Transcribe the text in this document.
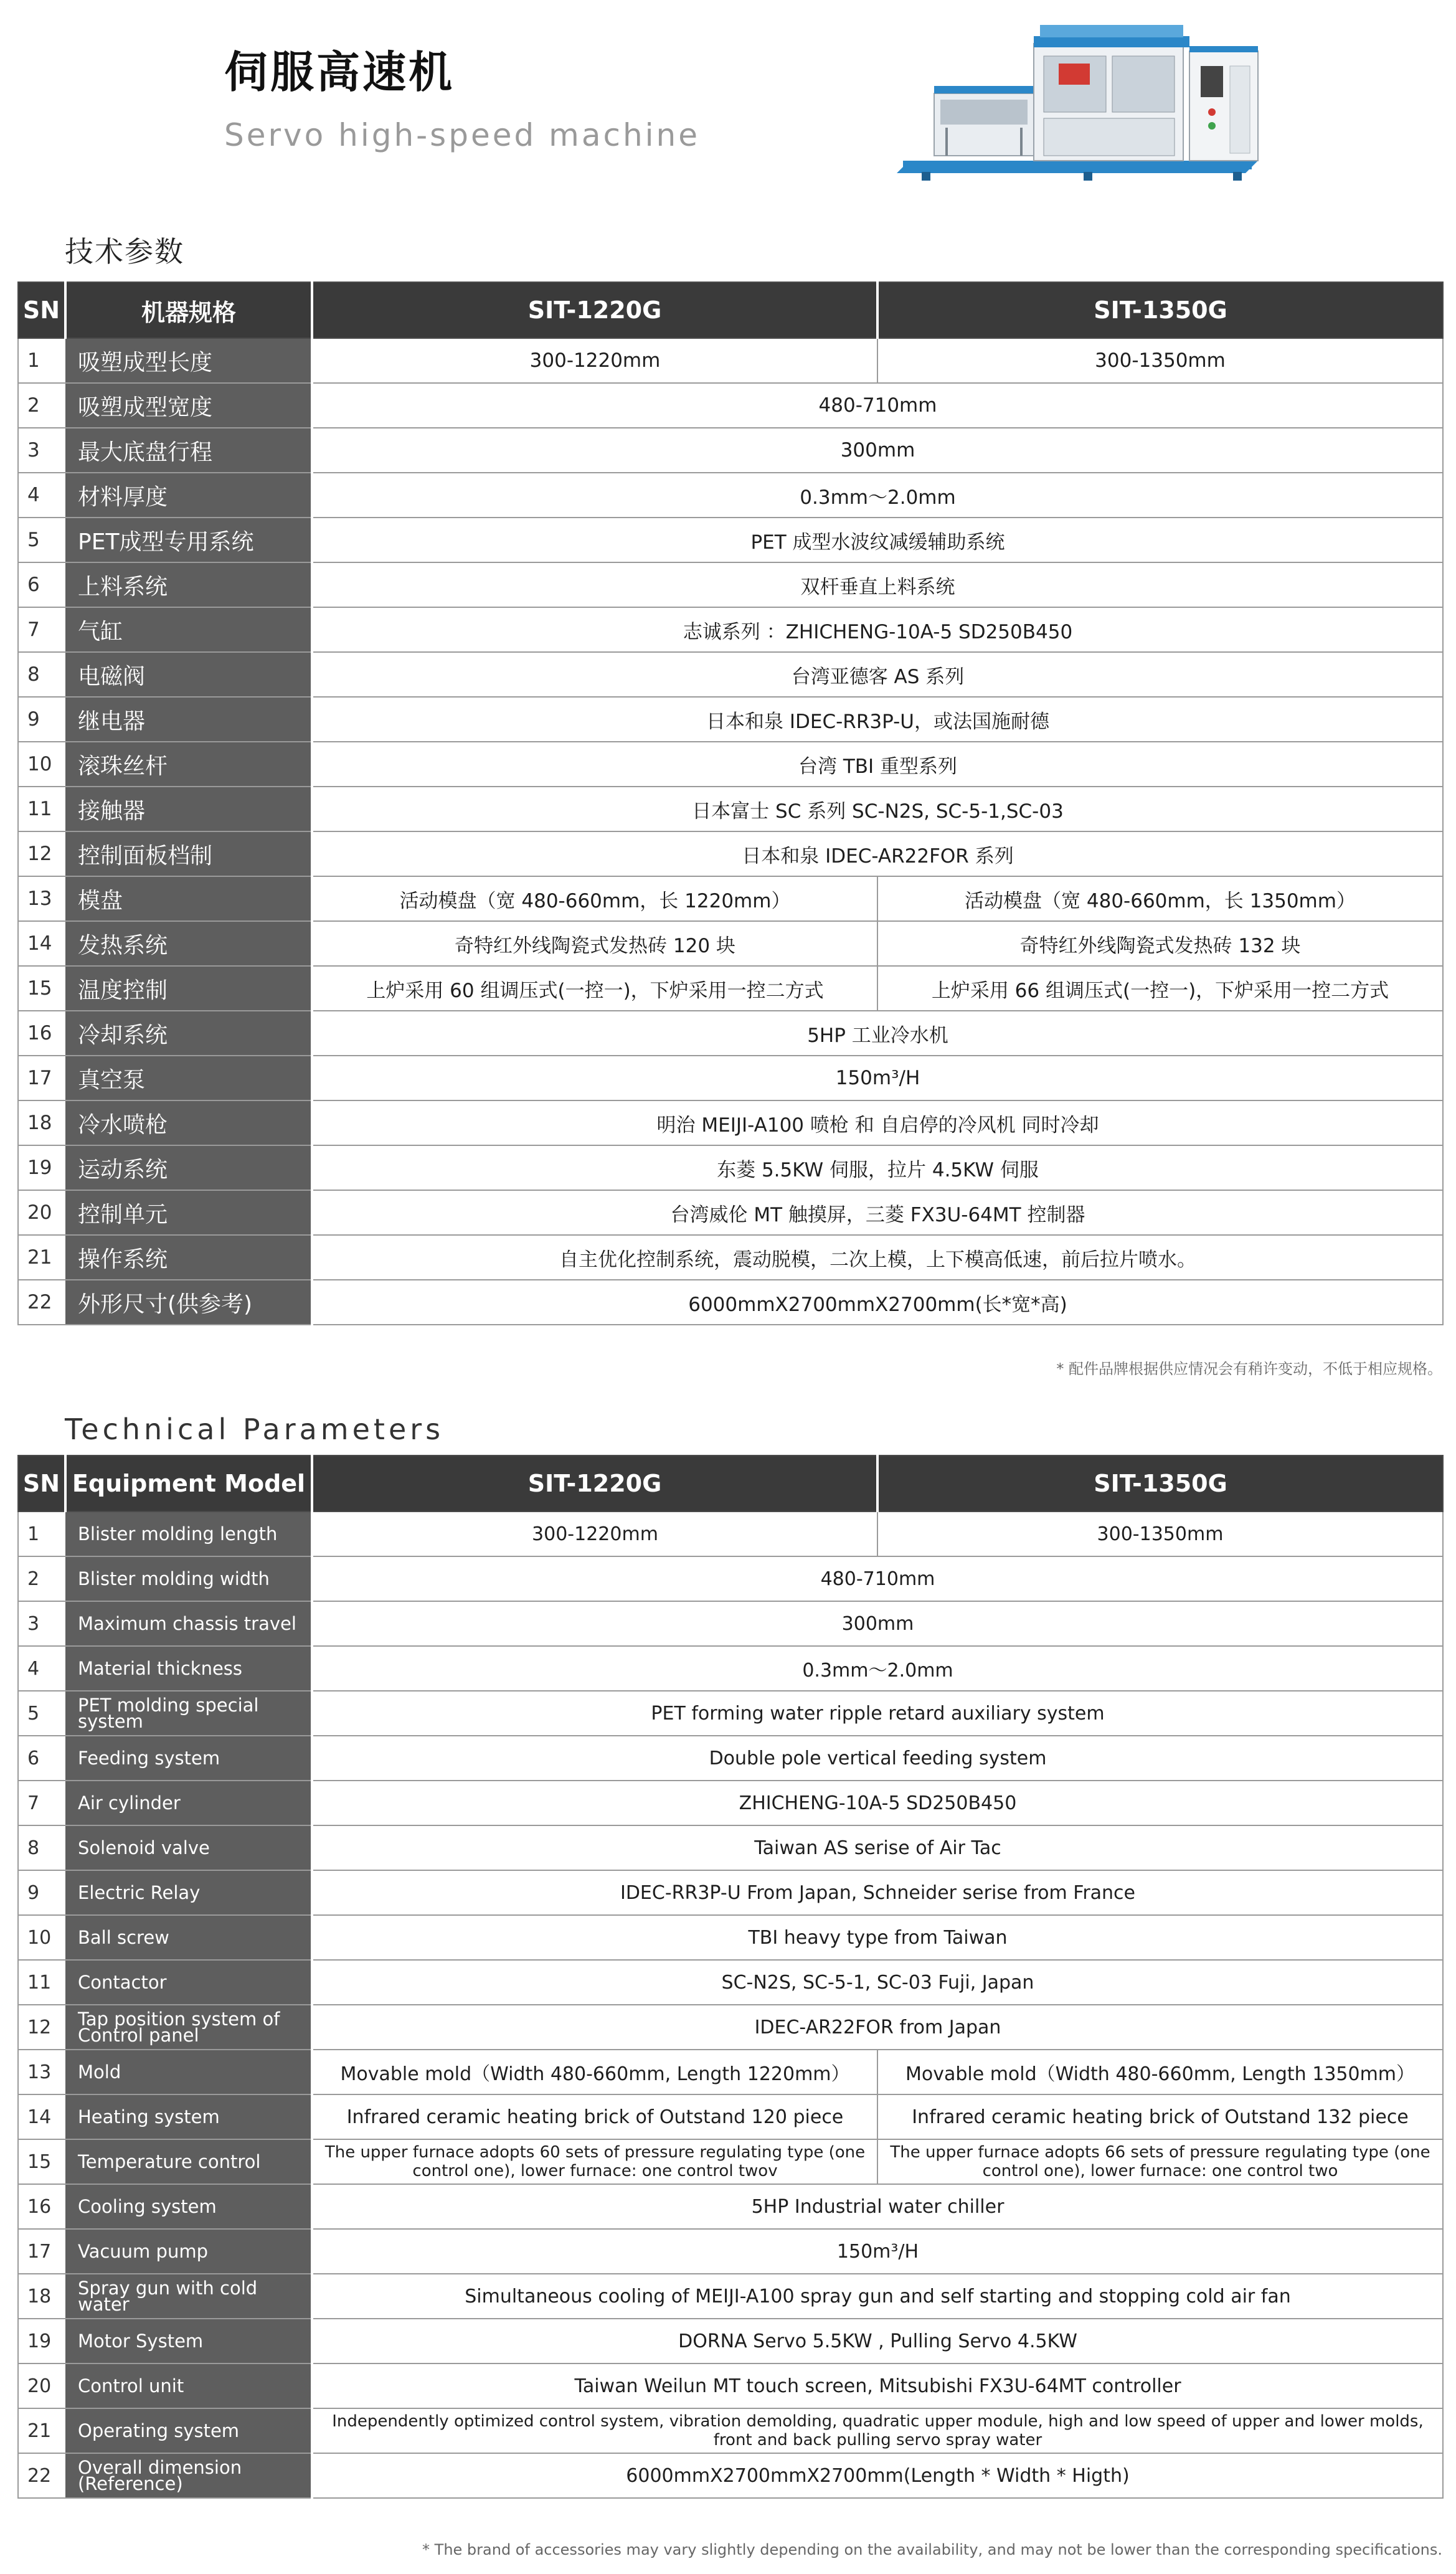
伺服高速机
Servo high-speed machine
技术参数
SN	机器规格	SIT-1220G	SIT-1350G
1	吸塑成型长度	300-1220mm	300-1350mm
2	吸塑成型宽度	480-710mm	
3	最大底盘行程	300mm	
4	材料厚度	0.3mm～2.0mm	
5	PET成型专用系统	PET 成型水波纹减缓辅助系统	
6	上料系统	双杆垂直上料系统	
7	气缸	志诚系列 ：ZHICHENG-10A-5 SD250B450	
8	电磁阀	台湾亚德客 AS 系列	
9	继电器	日本和泉 IDEC-RR3P-U，或法国施耐德	
10	滚珠丝杆	台湾 TBI 重型系列	
11	接触器	日本富士 SC 系列 SC-N2S, SC-5-1,SC-03	
12	控制面板档制	日本和泉 IDEC-AR22FOR 系列	
13	模盘	活动模盘（宽 480-660mm，长 1220mm）	活动模盘（宽 480-660mm，长 1350mm）
14	发热系统	奇特红外线陶瓷式发热砖 120 块	奇特红外线陶瓷式发热砖 132 块
15	温度控制	上炉采用 60 组调压式(一控一)，下炉采用一控二方式	上炉采用 66 组调压式(一控一)，下炉采用一控二方式
16	冷却系统	5HP 工业冷水机	
17	真空泵	150m³/H	
18	冷水喷枪	明治 MEIJI-A100 喷枪 和 自启停的冷风机 同时冷却	
19	运动系统	东菱 5.5KW 伺服，拉片 4.5KW 伺服	
20	控制单元	台湾威伦 MT 触摸屏，三菱 FX3U-64MT 控制器	
21	操作系统	自主优化控制系统，震动脱模，二次上模，上下模高低速，前后拉片喷水。	
22	外形尺寸(供参考)	6000mmX2700mmX2700mm(长*宽*高)	
* 配件品牌根据供应情况会有稍许变动，不低于相应规格。
Technical Parameters
SN	Equipment Model	SIT-1220G	SIT-1350G
1	Blister molding length	300-1220mm	300-1350mm
2	Blister molding width	480-710mm	
3	Maximum chassis travel	300mm	
4	Material thickness	0.3mm～2.0mm	
5	PET molding special system	PET forming water ripple retard auxiliary system	
6	Feeding system	Double pole vertical feeding system	
7	Air cylinder	ZHICHENG-10A-5 SD250B450	
8	Solenoid valve	Taiwan AS serise of Air Tac	
9	Electric Relay	IDEC-RR3P-U From Japan, Schneider serise from France	
10	Ball screw	TBI heavy type from Taiwan	
11	Contactor	SC-N2S, SC-5-1, SC-03 Fuji, Japan	
12	Tap position system of Control panel	IDEC-AR22FOR from Japan	
13	Mold	Movable mold（Width 480-660mm, Length 1220mm）	Movable mold（Width 480-660mm, Length 1350mm）
14	Heating system	Infrared ceramic heating brick of Outstand 120 piece	Infrared ceramic heating brick of Outstand 132 piece
15	Temperature control	The upper furnace adopts 60 sets of pressure regulating type (one control one), lower furnace: one control twov	The upper furnace adopts 66 sets of pressure regulating type (one control one), lower furnace: one control two
16	Cooling system	5HP Industrial water chiller	
17	Vacuum pump	150m³/H	
18	Spray gun with cold water	Simultaneous cooling of MEIJI-A100 spray gun and self starting and stopping cold air fan	
19	Motor System	DORNA Servo 5.5KW , Pulling Servo 4.5KW	
20	Control unit	Taiwan Weilun MT touch screen, Mitsubishi FX3U-64MT controller	
21	Operating system	Independently optimized control system, vibration demolding, quadratic upper module, high and low speed of upper and lower molds, front and back pulling servo spray water	
22	Overall dimension (Reference)	6000mmX2700mmX2700mm(Length * Width * Higth)	
* The brand of accessories may vary slightly depending on the availability, and may not be lower than the corresponding specifications.
